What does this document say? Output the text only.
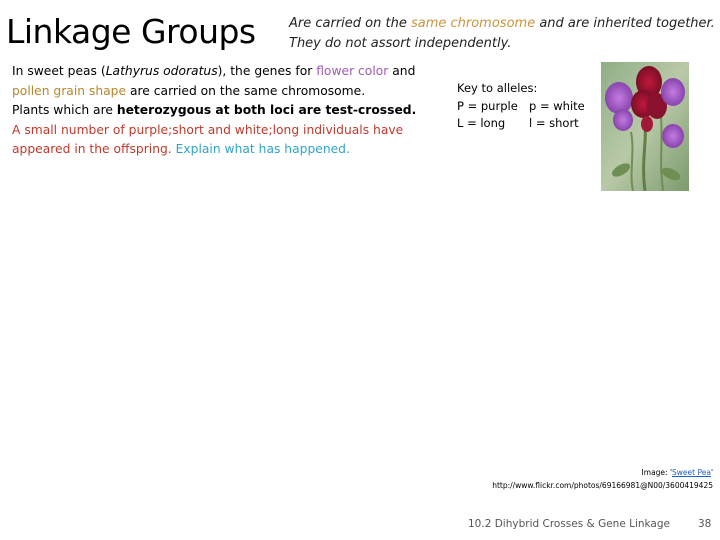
Linkage Groups	Are carried on the same chromosome and are inherited together. They do not assort independently.

In sweet peas (Lathyrus odoratus), the genes for flower color and pollen grain shape are carried on the same chromosome.

Plants which are heterozygous at both loci are test-crossed.

A small number of purple;short and white;long individuals have appeared in the offspring. Explain what has happened.

Key to alleles:
P = purple p = white
L = long	l = short
Image: 'Sweet Pea'
http://www.flickr.com/photos/69166981@N00/3600419425
10.2 Dihybrid Crosses & Gene Linkage	38
